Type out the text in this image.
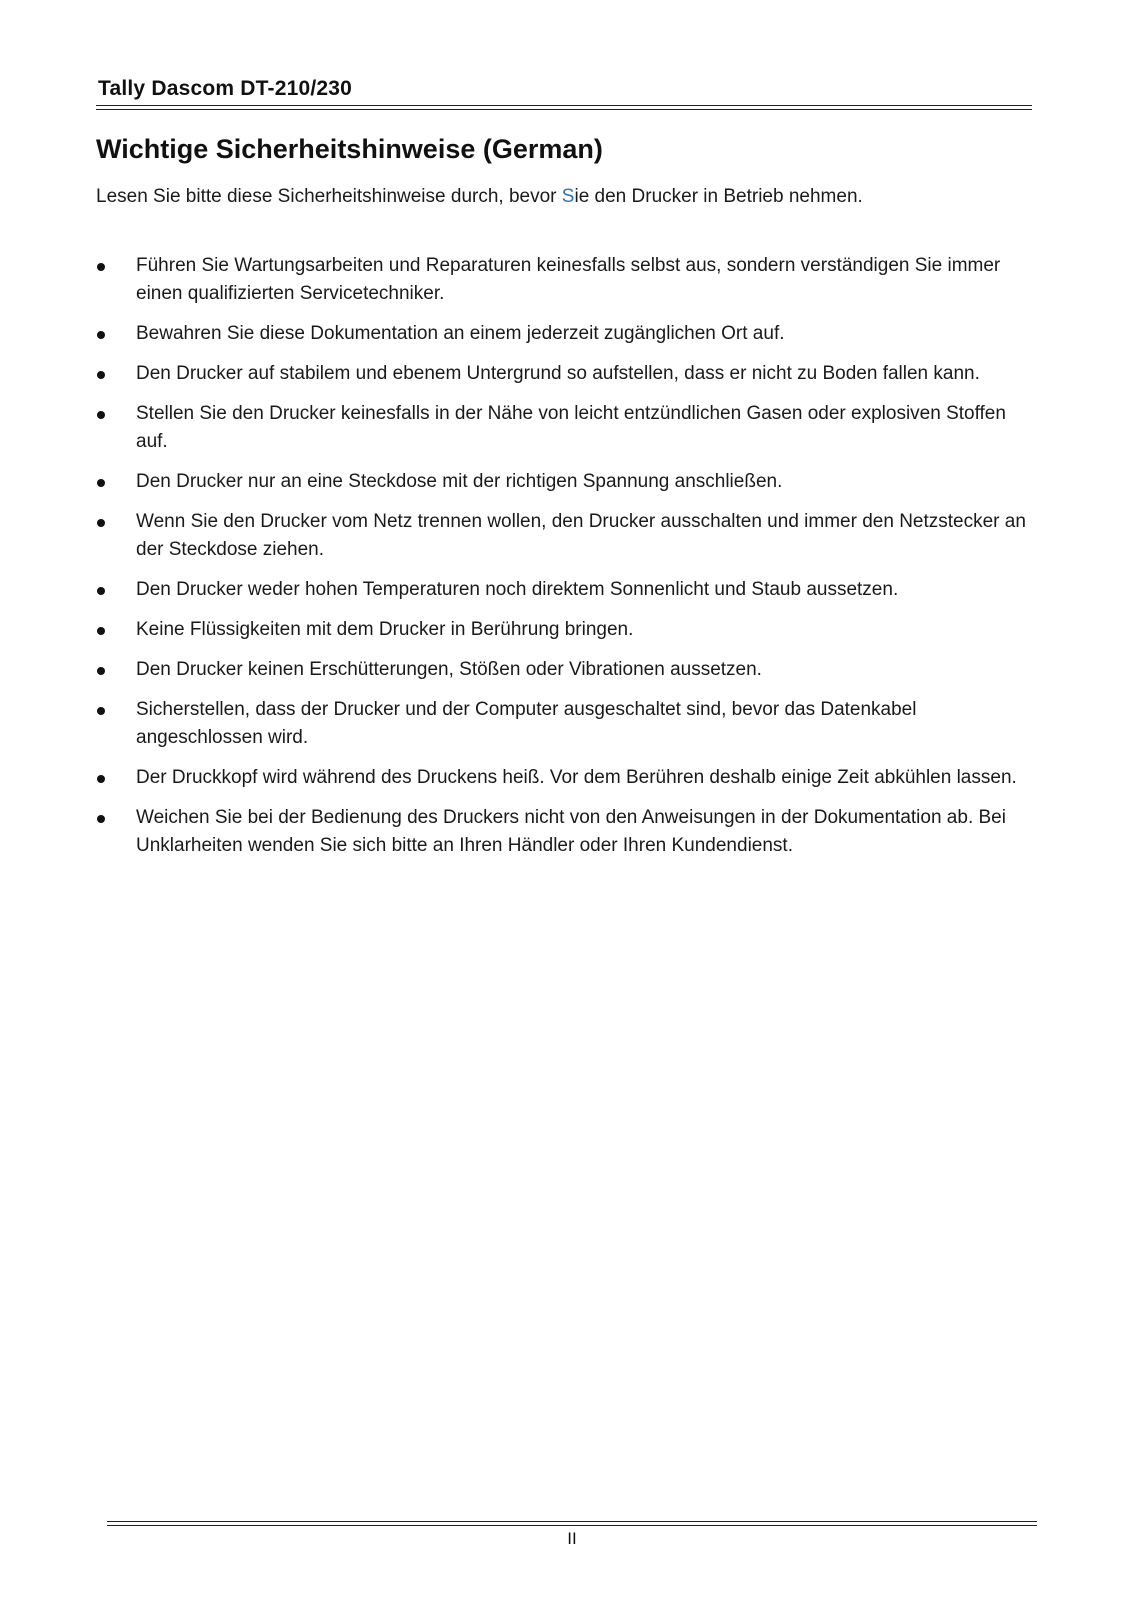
Tally Dascom DT-210/230
Wichtige Sicherheitshinweise (German)
Lesen Sie bitte diese Sicherheitshinweise durch, bevor Sie den Drucker in Betrieb nehmen.
Führen Sie Wartungsarbeiten und Reparaturen keinesfalls selbst aus, sondern verständigen Sie immer einen qualifizierten Servicetechniker.
Bewahren Sie diese Dokumentation an einem jederzeit zugänglichen Ort auf.
Den Drucker auf stabilem und ebenem Untergrund so aufstellen, dass er nicht zu Boden fallen kann.
Stellen Sie den Drucker keinesfalls in der Nähe von leicht entzündlichen Gasen oder explosiven Stoffen auf.
Den Drucker nur an eine Steckdose mit der richtigen Spannung anschließen.
Wenn Sie den Drucker vom Netz trennen wollen, den Drucker ausschalten und immer den Netzstecker an der Steckdose ziehen.
Den Drucker weder hohen Temperaturen noch direktem Sonnenlicht und Staub aussetzen.
Keine Flüssigkeiten mit dem Drucker in Berührung bringen.
Den Drucker keinen Erschütterungen, Stößen oder Vibrationen aussetzen.
Sicherstellen, dass der Drucker und der Computer ausgeschaltet sind, bevor das Datenkabel angeschlossen wird.
Der Druckkopf wird während des Druckens heiß. Vor dem Berühren deshalb einige Zeit abkühlen lassen.
Weichen Sie bei der Bedienung des Druckers nicht von den Anweisungen in der Dokumentation ab. Bei Unklarheiten wenden Sie sich bitte an Ihren Händler oder Ihren Kundendienst.
II
